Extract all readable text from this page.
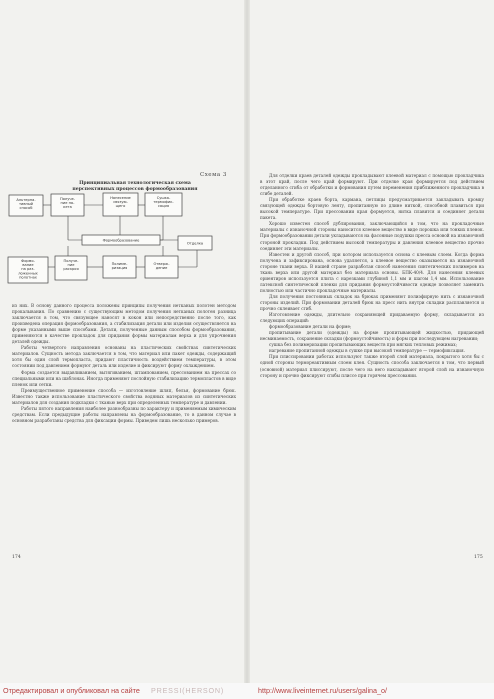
Схема 3
Принципиальная технологическая схема перспективных процессов формообразования
Альтерна-тивный способ
Получе-ние па-кета
Нанесение связую-щего
Сушка-термофик-сация
Формообразование
Отделка
Формо-вание на раз-ложенных полотнах
Получе-ние раскроя
Полиме-ризация
Отверж-дение

из них. В основу данного процесса положены принципы получения нетканых полотен методом прокалывания. По сравнению с существующим методом получения нетканых полотен разница заключается в том, что связующее наносят в кокон или непосредственно после того, как произведена операция формообразования, а стабилизация детали или изделия осуществляется на форме указанными выше способами. Детали, полученные данным способом формообразования, применяются в качестве прокладок для придания формы материалам верха и для упрочнения деталей одежды.

Работы четвертого направления основаны на пластических свойствах синтетических материалов. Сущность метода заключается в том, что материал или пакет одежды, содержащий хотя бы один слой термопласта, придают пластичность воздействием температуры, в этом состоянии под давлением формуют деталь или изделие и фиксируют форму охлаждением.

Форма создается выдавливанием, вытягиванием, штампованием, прессованием на прессах со специальными или на шаблонах. Иногда применяют послойную стабилизацию термопластов в виде пленок или сетки.

Преимущественное применение способа — изготовление шляп, белья, формование брюк. Известно также использование пластического свойства водяных материалов из синтетических материалов для создания подкладки с тканью верх при определенных температуре и давлении.

Работы пятого направления наиболее разнообразны по характеру и применяемым химическим средствам. Если предыдущие работы направлены на формообразование, то в данном случае в основном разработаны средства для фиксации формы. Приведем лишь несколько примеров.

174

Для отделки краев деталей одежды прокладывают клеевой материал с помощью прокладчика в этот край, после чего край формируют. При отделке края формируется под действием отделанного сгиба от обработки и формования путем переменения приближенного прокладчика в сгибе деталей.

При обработке краев борта, кармана, петлицы предусматривается закладывать кромку связующей одежды бортовую ленту, пропитанную по длине ниткой, способной плавиться при высокой температуре. При прессовании края формуется, нитка плавится и соединяет детали пакета.

Хорошо известен способ дублирования, заключающийся в том, что на прокладочные материалы с изнаночной стороны наносится клеевое вещество в виде порошка или тонких пленок. При формообразовании детали укладываются на фасонные подушки пресса основой на изнаночной стороной прокладки. Под действием высокой температуры и давления клеевое вещество прочно соединяет эти материалы.

Известен и другой способ, при котором используется основа с клеевым слоем. Когда форма получена и зафиксирована, основа удаляется, а клеевое вещество оказывается на изнаночной стороне ткани верха. В нашей стране разработан способ нанесения синтетических полимеров на ткань верха или другой материал без материала основы. БПК-40/4. Для нанесения клеевых ориентиров используется плита с нарезками глубиной 1,1 мм и шагом 1,4 мм. Использование латексной синтетической пленки для придания формоустойчивости одежде позволяет заменить полностью или частично прокладочные материалы.

Для получения постоянных складок на брюках применяют полиэфирную нить с изнаночной стороны изделий. При формовании деталей брюк на пресс нить внутри складки расплавляется и прочно склеивает сгиб.

Изготовление одежды, длительно сохраняющей придаваемую форму, складывается из следующих операций:

формообразование детали на форме;

пропитывание детали (одежды) на форме пропитывающей жидкостью, придающей несминаемость, сохранение складки (формоустойчивость) и форм при последующем нагревании;

сушка без полимеризации пропитывающих веществ при мягких тепловых режимах;

нагревание пропитанной одежды в сушке при высокой температуре — термофиксация.

При плиссировании работах используют также второй слой материала, покрытого хотя бы с одной стороны термореактивным слоем клея. Сущность способа заключается в том, что первый (основной) материал плиссируют, после чего на него накладывают второй слой на изнаночную сторону и прочно фиксируют сгибы плиссе при горячем прессовании.

175
Отредактировал и опубликовал на сайте PRESSI(HERSON)	http://www.liveinternet.ru/users/galina_o/
